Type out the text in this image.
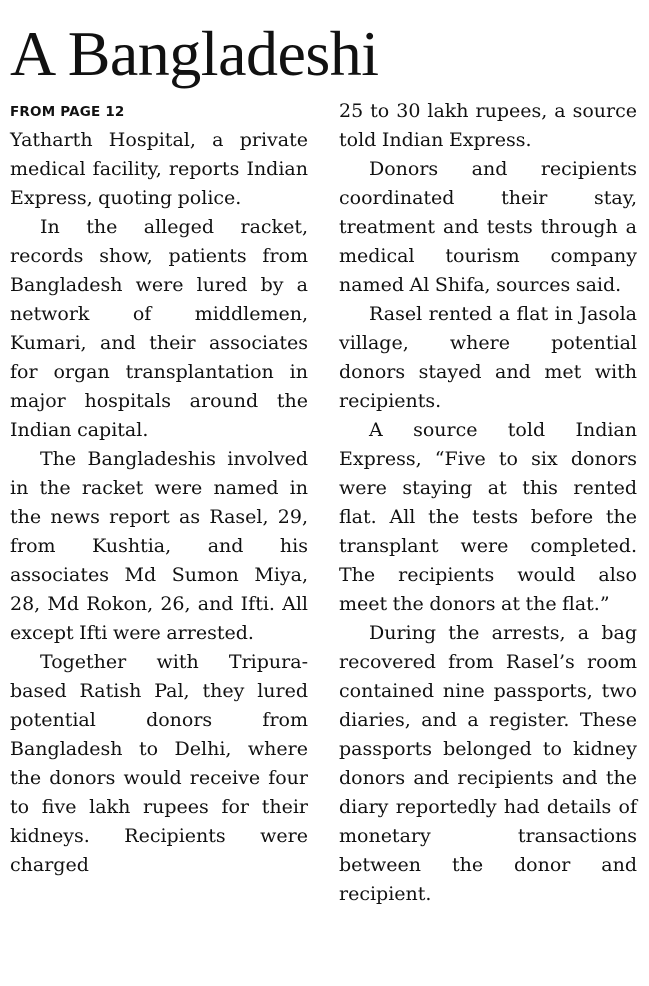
A Bangladeshi
FROM PAGE 12

Yatharth Hospital, a private medical facility, reports Indian Express, quoting police.

In the alleged racket, records show, patients from Bangladesh were lured by a network of middlemen, Kumari, and their associates for organ transplantation in major hospitals around the Indian capital.

The Bangladeshis involved in the racket were named in the news report as Rasel, 29, from Kushtia, and his associates Md Sumon Miya, 28, Md Rokon, 26, and Ifti. All except Ifti were arrested.

Together with Tripura-based Ratish Pal, they lured potential donors from Bangladesh to Delhi, where the donors would receive four to five lakh rupees for their kidneys. Recipients were charged

25 to 30 lakh rupees, a source told Indian Express.

Donors and recipients coordinated their stay, treatment and tests through a medical tourism company named Al Shifa, sources said.

Rasel rented a flat in Jasola village, where potential donors stayed and met with recipients.

A source told Indian Express, “Five to six donors were staying at this rented flat. All the tests before the transplant were completed. The recipients would also meet the donors at the flat.”

During the arrests, a bag recovered from Rasel’s room contained nine passports, two diaries, and a register. These passports belonged to kidney donors and recipients and the diary reportedly had details of monetary transactions between the donor and recipient.
